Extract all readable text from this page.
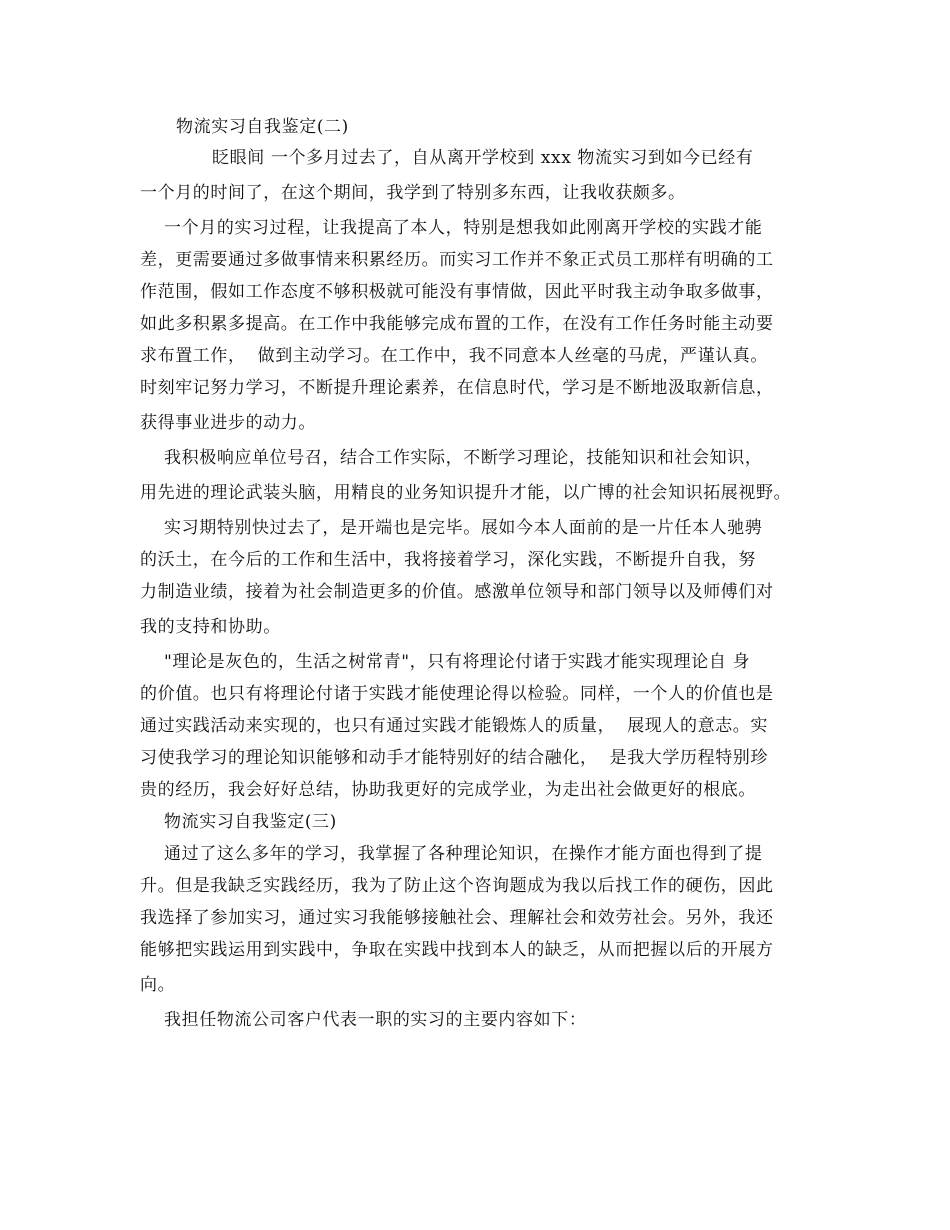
物流实习自我鉴定(二)
眨眼间 一个多月过去了，自从离开学校到 xxx 物流实习到如今已经有
一个月的时间了，在这个期间，我学到了特别多东西，让我收获颇多。
一个月的实习过程，让我提高了本人，特别是想我如此刚离开学校的实践才能
差，更需要通过多做事情来积累经历。而实习工作并不象正式员工那样有明确的工
作范围，假如工作态度不够积极就可能没有事情做，因此平时我主动争取多做事，
如此多积累多提高。在工作中我能够完成布置的工作，在没有工作任务时能主动要
求布置工作，  做到主动学习。在工作中，我不同意本人丝毫的马虎，严谨认真。
时刻牢记努力学习，不断提升理论素养，在信息时代，学习是不断地汲取新信息，
获得事业进步的动力。
我积极响应单位号召，结合工作实际，不断学习理论，技能知识和社会知识，
用先进的理论武装头脑，用精良的业务知识提升才能，以广博的社会知识拓展视野。
实习期特别快过去了，是开端也是完毕。展如今本人面前的是一片任本人驰骋
的沃土，在今后的工作和生活中，我将接着学习，深化实践，不断提升自我，努
力制造业绩，接着为社会制造更多的价值。感激单位领导和部门领导以及师傅们对
我的支持和协助。
"理论是灰色的，生活之树常青"，只有将理论付诸于实践才能实现理论自 身
的价值。也只有将理论付诸于实践才能使理论得以检验。同样，一个人的价值也是
通过实践活动来实现的，也只有通过实践才能锻炼人的质量，  展现人的意志。实
习使我学习的理论知识能够和动手才能特别好的结合融化，  是我大学历程特别珍
贵的经历，我会好好总结，协助我更好的完成学业，为走出社会做更好的根底。
物流实习自我鉴定(三)
通过了这么多年的学习，我掌握了各种理论知识，在操作才能方面也得到了提
升。但是我缺乏实践经历，我为了防止这个咨询题成为我以后找工作的硬伤，因此
我选择了参加实习，通过实习我能够接触社会、理解社会和效劳社会。另外，我还
能够把实践运用到实践中，争取在实践中找到本人的缺乏，从而把握以后的开展方
向。
我担任物流公司客户代表一职的实习的主要内容如下：
